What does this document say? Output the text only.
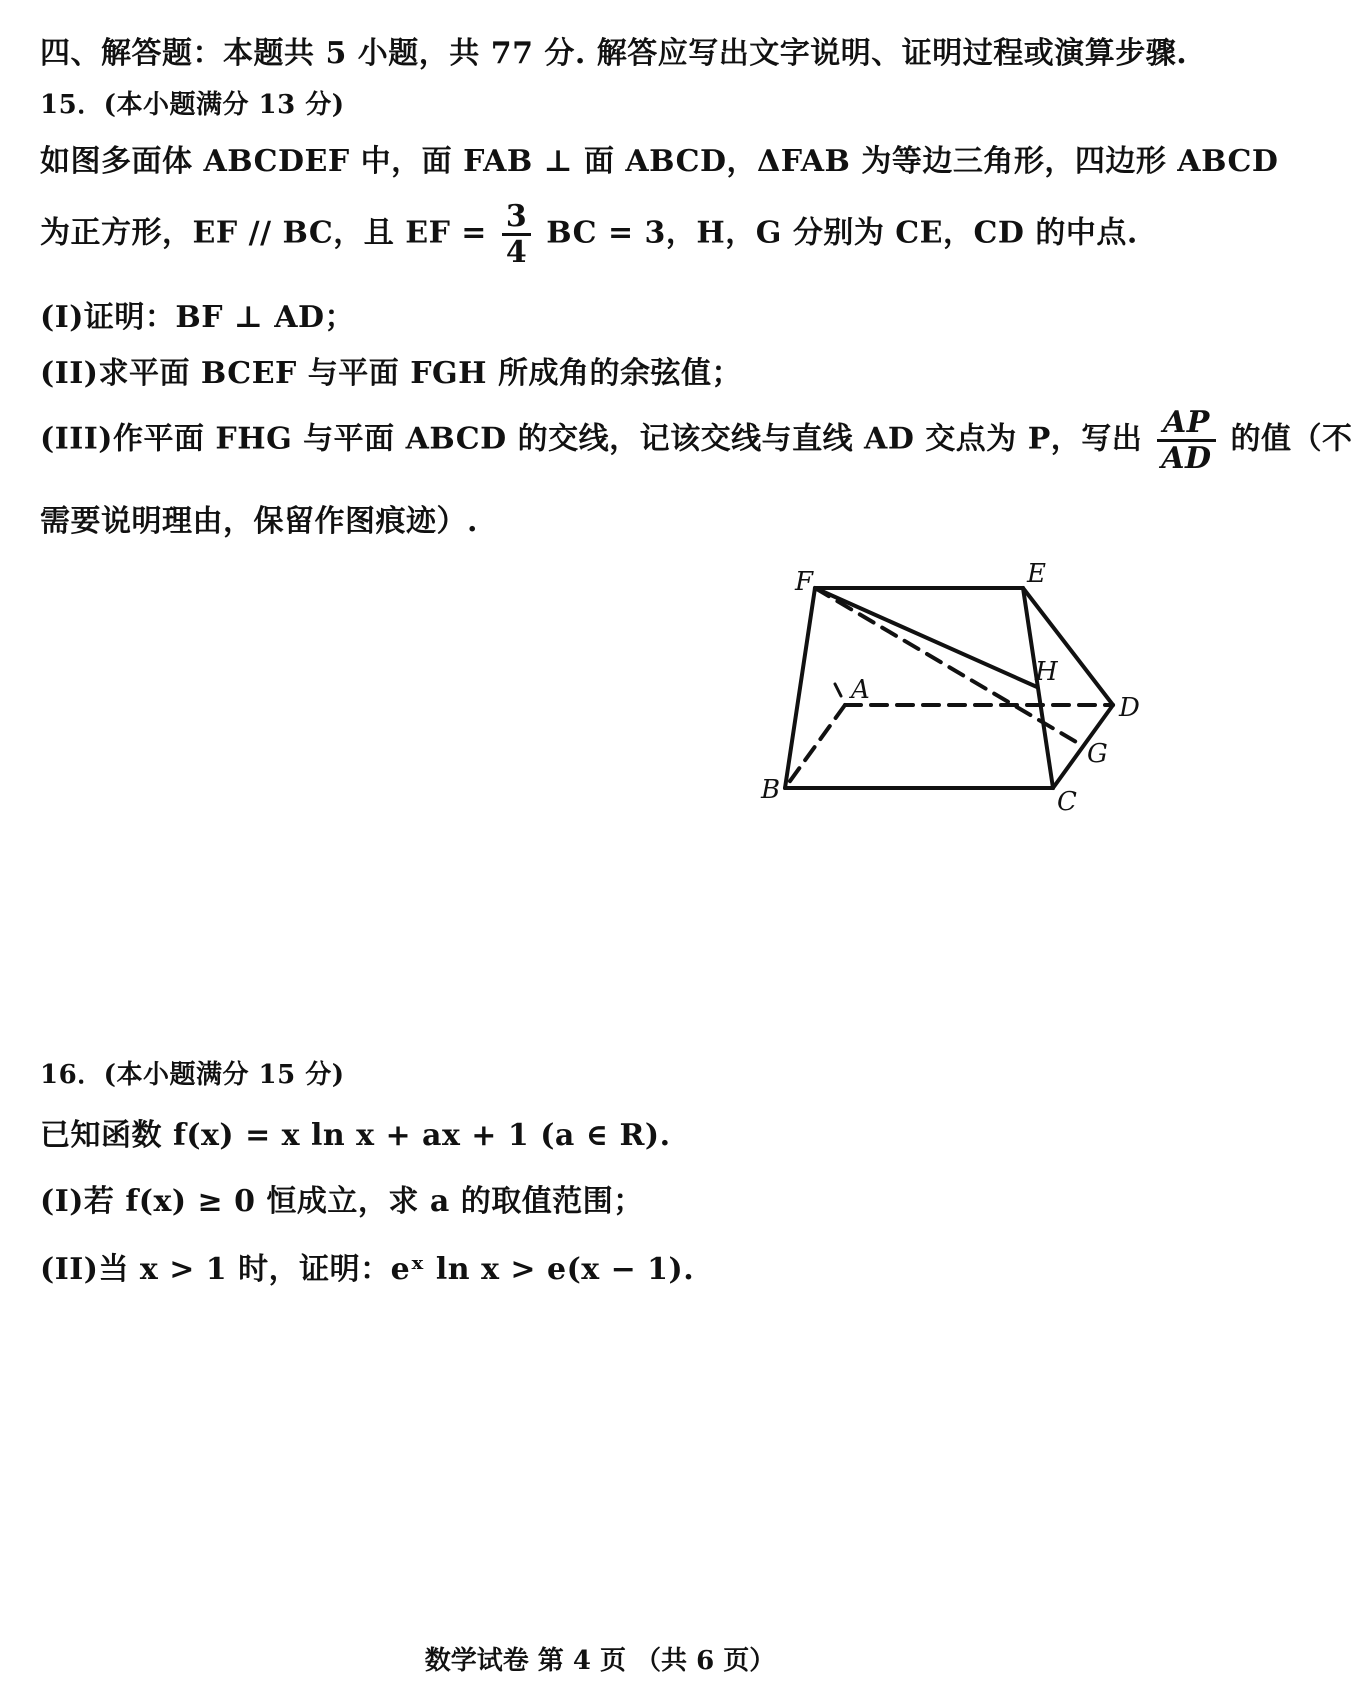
四、解答题：本题共 5 小题，共 77 分. 解答应写出文字说明、证明过程或演算步骤.
15．(本小题满分 13 分)
如图多面体 ABCDEF 中，面 FAB ⊥ 面 ABCD，ΔFAB 为等边三角形，四边形 ABCD
为正方形，EF // BC，且 EF = $\frac{3}{4}$ BC = 3，H，G 分别为 CE，CD 的中点.
(I)证明：BF ⊥ AD；
(II)求平面 BCEF 与平面 FGH 所成角的余弦值；
(III)作平面 FHG 与平面 ABCD 的交线，记该交线与直线 AD 交点为 P，写出 $\frac{AP}{AD}$ 的值（不
需要说明理由，保留作图痕迹）.
F	E
A
H
D
G
B	C
16．(本小题满分 15 分)
已知函数 f(x) = x ln x + ax + 1 (a ∈ R).
(I)若 f(x) ≥ 0 恒成立，求 a 的取值范围；
(II)当 x > 1 时，证明：eˣ ln x > e(x − 1).
数学试卷 第 4 页 （共 6 页）
